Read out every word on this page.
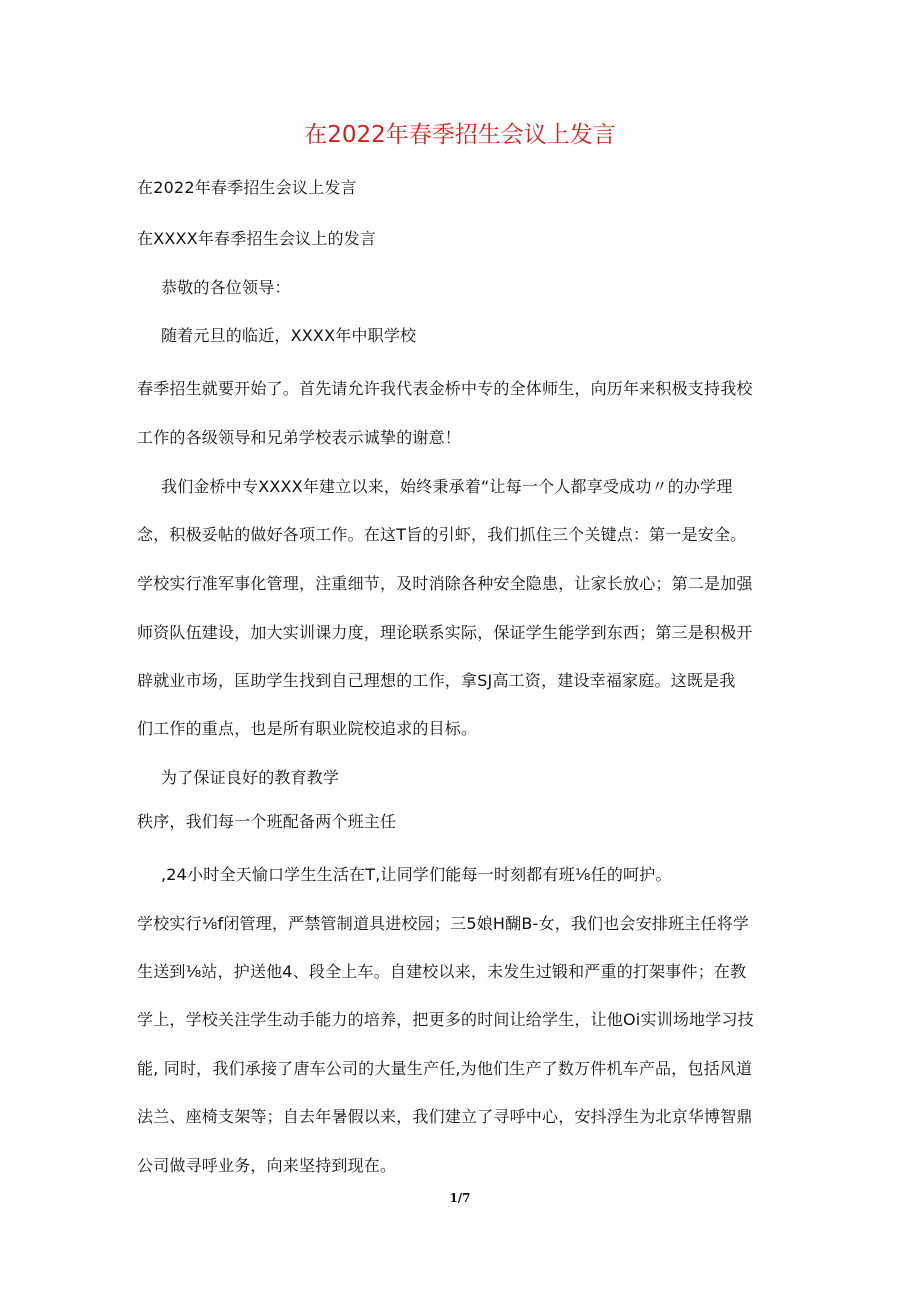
在2022年春季招生会议上发言
在2022年春季招生会议上发言
在XXXX年春季招生会议上的发言
恭敬的各位领导：
随着元旦的临近，XXXX年中职学校
春季招生就要开始了。首先请允许我代表金桥中专的全体师生，向历年来积极支持我校
工作的各级领导和兄弟学校表示诚挚的谢意！
我们金桥中专XXXX年建立以来，始终秉承着“让每一个人都享受成功〃的办学理
念，积极妥帖的做好各项工作。在这T旨的引虾，我们抓住三个关键点：第一是安全。
学校实行准军事化管理，注重细节，及时消除各种安全隐患，让家长放心；第二是加强
师资队伍建设，加大实训课力度，理论联系实际，保证学生能学到东西；第三是积极开
辟就业市场，匡助学生找到自己理想的工作，拿SJ高工资，建设幸福家庭。这既是我
们工作的重点，也是所有职业院校追求的目标。
为了保证良好的教育教学
秩序，我们每一个班配备两个班主任
,24小时全天愉口学生生活在T,让同学们能每一时刻都有班⅛任的呵护。
学校实行⅛f闭管理，严禁管制道具进校园；三5娘H醐B-女，我们也会安排班主任将学
生送到⅛站，护送他4、段全上车。自建校以来，未发生过锻和严重的打架事件；在教
学上，学校关注学生动手能力的培养，把更多的时间让给学生，让他Oi实训场地学习技
能, 同时，我们承接了唐车公司的大量生产任,为他们生产了数万件机车产品，包括风道
法兰、座椅支架等；自去年暑假以来，我们建立了寻呼中心，安抖浮生为北京华博智鼎
公司做寻呼业务，向来坚持到现在。
1/7
